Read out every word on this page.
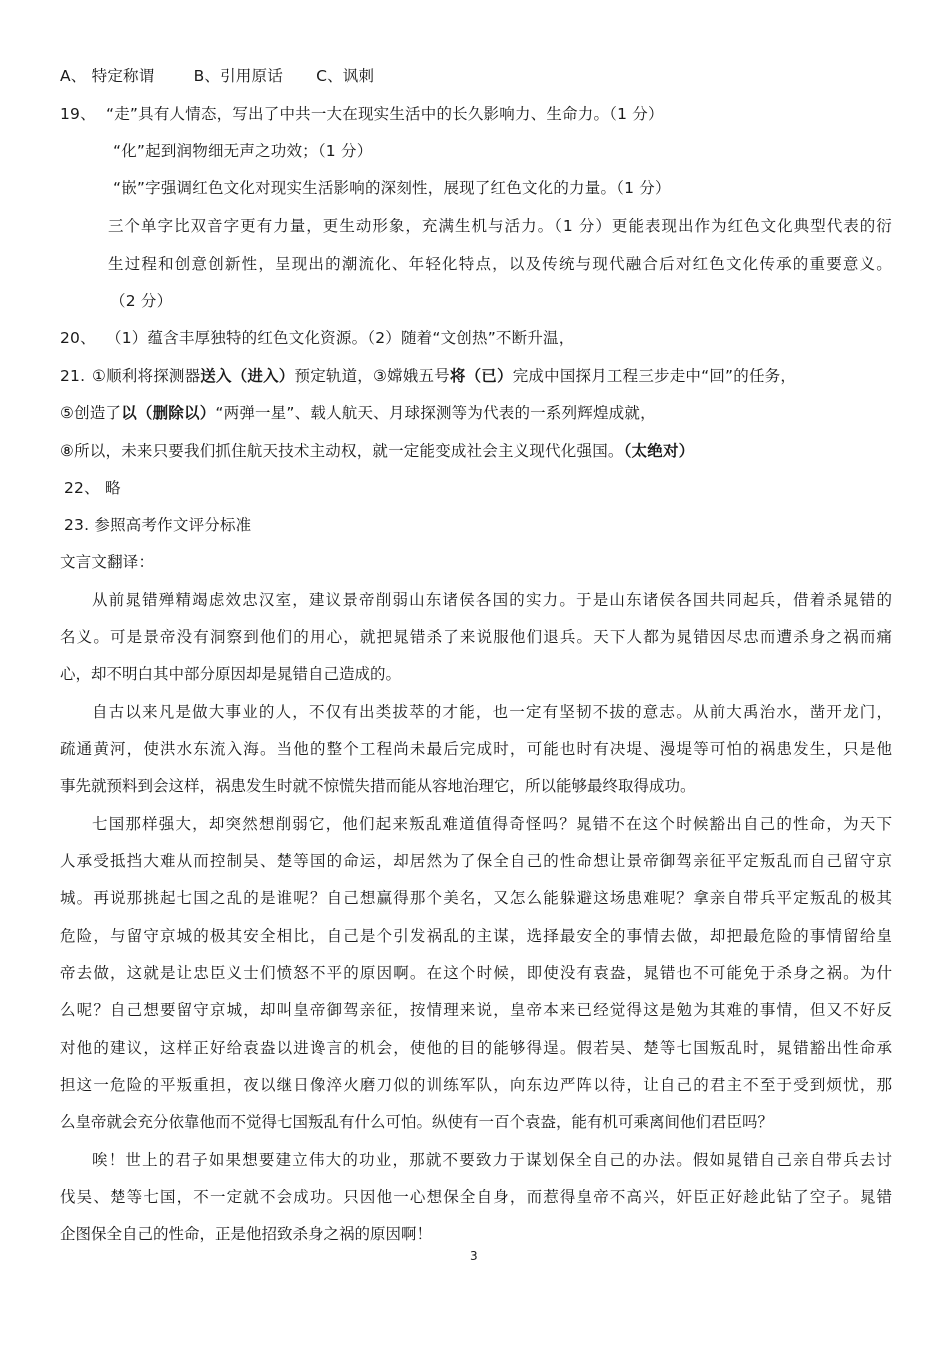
A、 特定称谓	B、引用原话 C、讽刺
19、 “走”具有人情态，写出了中共一大在现实生活中的长久影响力、生命力。（1 分）
“化”起到润物细无声之功效；（1 分）
“嵌”字强调红色文化对现实生活影响的深刻性，展现了红色文化的力量。（1 分）
三个单字比双音字更有力量，更生动形象，充满生机与活力。（1 分）更能表现出作为红色文化典型代表的衍
生过程和创意创新性，呈现出的潮流化、年轻化特点，以及传统与现代融合后对红色文化传承的重要意义。
（2 分）
20、 （1）蕴含丰厚独特的红色文化资源。（2）随着“文创热”不断升温，
21. ①顺利将探测器送入（进入）预定轨道，③嫦娥五号将（已）完成中国探月工程三步走中“回”的任务，
⑤创造了以（删除以）“两弹一星”、载人航天、月球探测等为代表的一系列辉煌成就，
⑧所以，未来只要我们抓住航天技术主动权，就一定能变成社会主义现代化强国。（太绝对）
22、 略
23. 参照高考作文评分标准
文言文翻译：
从前晁错殚精竭虑效忠汉室，建议景帝削弱山东诸侯各国的实力。于是山东诸侯各国共同起兵，借着杀晁错的
名义。可是景帝没有洞察到他们的用心，就把晁错杀了来说服他们退兵。天下人都为晁错因尽忠而遭杀身之祸而痛
心，却不明白其中部分原因却是晁错自己造成的。
自古以来凡是做大事业的人，不仅有出类拔萃的才能，也一定有坚韧不拔的意志。从前大禹治水，凿开龙门，
疏通黄河，使洪水东流入海。当他的整个工程尚未最后完成时，可能也时有决堤、漫堤等可怕的祸患发生，只是他
事先就预料到会这样，祸患发生时就不惊慌失措而能从容地治理它，所以能够最终取得成功。
七国那样强大，却突然想削弱它，他们起来叛乱难道值得奇怪吗？晁错不在这个时候豁出自己的性命，为天下
人承受抵挡大难从而控制吴、楚等国的命运，却居然为了保全自己的性命想让景帝御驾亲征平定叛乱而自己留守京
城。再说那挑起七国之乱的是谁呢？自己想赢得那个美名，又怎么能躲避这场患难呢？拿亲自带兵平定叛乱的极其
危险，与留守京城的极其安全相比，自己是个引发祸乱的主谋，选择最安全的事情去做，却把最危险的事情留给皇
帝去做，这就是让忠臣义士们愤怒不平的原因啊。在这个时候，即使没有袁盎，晁错也不可能免于杀身之祸。为什
么呢？自己想要留守京城，却叫皇帝御驾亲征，按情理来说，皇帝本来已经觉得这是勉为其难的事情，但又不好反
对他的建议，这样正好给袁盎以进谗言的机会，使他的目的能够得逞。假若吴、楚等七国叛乱时，晁错豁出性命承
担这一危险的平叛重担，夜以继日像淬火磨刀似的训练军队，向东边严阵以待，让自己的君主不至于受到烦忧，那
么皇帝就会充分依靠他而不觉得七国叛乱有什么可怕。纵使有一百个袁盎，能有机可乘离间他们君臣吗？
唉！世上的君子如果想要建立伟大的功业，那就不要致力于谋划保全自己的办法。假如晁错自己亲自带兵去讨
伐吴、楚等七国，不一定就不会成功。只因他一心想保全自身，而惹得皇帝不高兴，奸臣正好趁此钻了空子。晁错
企图保全自己的性命，正是他招致杀身之祸的原因啊！
3
